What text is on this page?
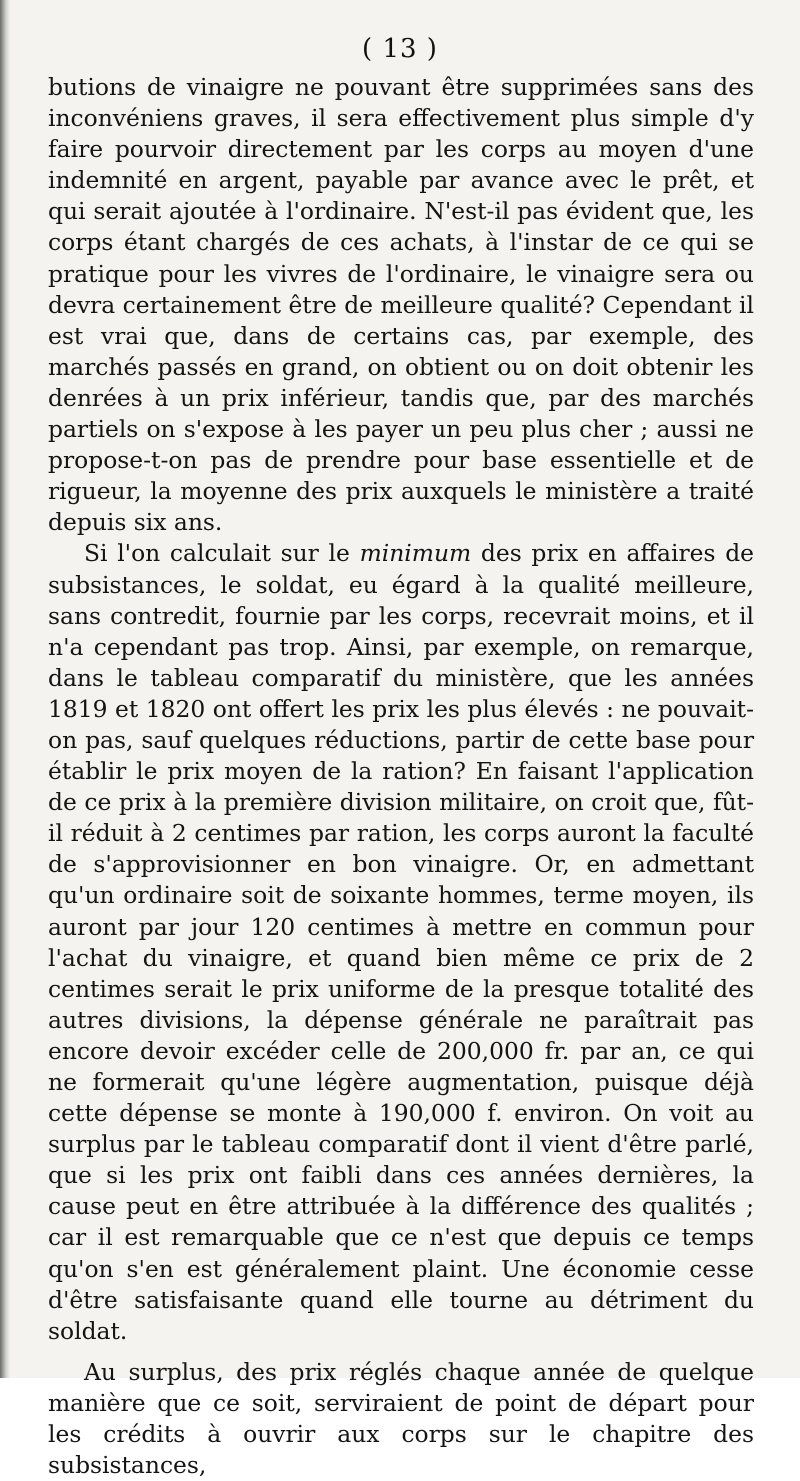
( 13 )

butions de vinaigre ne pouvant être supprimées sans des inconvéniens graves, il sera effectivement plus simple d'y faire pourvoir directement par les corps au moyen d'une indemnité en argent, payable par avance avec le prêt, et qui serait ajoutée à l'ordinaire. N'est-il pas évident que, les corps étant chargés de ces achats, à l'instar de ce qui se pratique pour les vivres de l'ordinaire, le vinaigre sera ou devra certainement être de meilleure qualité? Cependant il est vrai que, dans de certains cas, par exemple, des marchés passés en grand, on obtient ou on doit obtenir les denrées à un prix inférieur, tandis que, par des marchés partiels on s'expose à les payer un peu plus cher ; aussi ne propose-t-on pas de prendre pour base essentielle et de rigueur, la moyenne des prix auxquels le ministère a traité depuis six ans.

Si l'on calculait sur le minimum des prix en affaires de subsistances, le soldat, eu égard à la qualité meilleure, sans contredit, fournie par les corps, recevrait moins, et il n'a cependant pas trop. Ainsi, par exemple, on remarque, dans le tableau comparatif du ministère, que les années 1819 et 1820 ont offert les prix les plus élevés : ne pouvait-on pas, sauf quelques réductions, partir de cette base pour établir le prix moyen de la ration? En faisant l'application de ce prix à la première division militaire, on croit que, fût-il réduit à 2 centimes par ration, les corps auront la faculté de s'approvisionner en bon vinaigre. Or, en admettant qu'un ordinaire soit de soixante hommes, terme moyen, ils auront par jour 120 centimes à mettre en commun pour l'achat du vinaigre, et quand bien même ce prix de 2 centimes serait le prix uniforme de la presque totalité des autres divisions, la dépense générale ne paraîtrait pas encore devoir excéder celle de 200,000 fr. par an, ce qui ne formerait qu'une légère augmentation, puisque déjà cette dépense se monte à 190,000 f. environ. On voit au surplus par le tableau comparatif dont il vient d'être parlé, que si les prix ont faibli dans ces années dernières, la cause peut en être attribuée à la différence des qualités ; car il est remarquable que ce n'est que depuis ce temps qu'on s'en est généralement plaint. Une économie cesse d'être satisfaisante quand elle tourne au détriment du soldat.

Au surplus, des prix réglés chaque année de quelque manière que ce soit, serviraient de point de départ pour les crédits à ouvrir aux corps sur le chapitre des subsistances,
